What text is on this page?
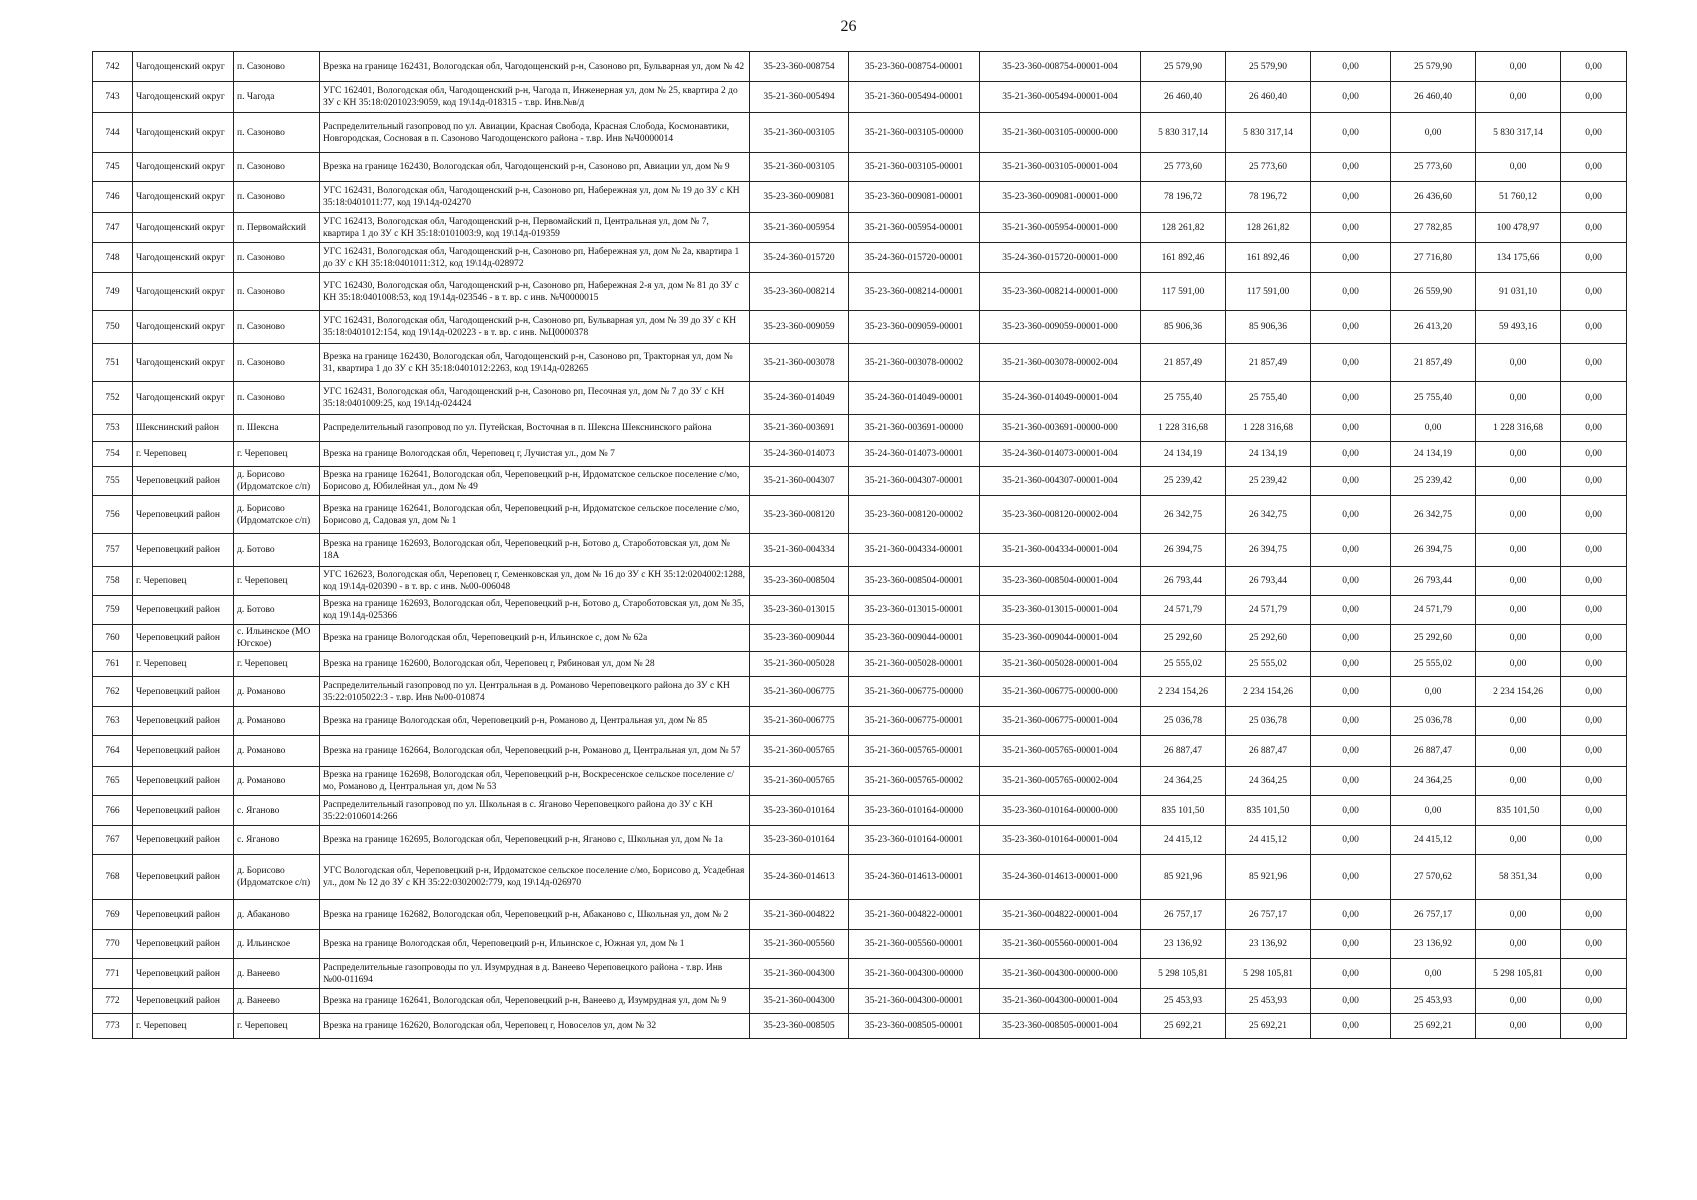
26
742	Чагодощенский округ	п. Сазоново	Врезка на границе 162431, Вологодская обл, Чагодощенский р-н, Сазоново рп, Бульварная ул, дом № 42	35-23-360-008754	35-23-360-008754-00001	35-23-360-008754-00001-004	25 579,90	25 579,90	0,00	25 579,90	0,00	0,00
743	Чагодощенский округ	п. Чагода	УГС 162401, Вологодская обл, Чагодощенский р-н, Чагода п, Инженерная ул, дом № 25, квартира 2 до ЗУ с КН 35:18:0201023:9059, код 19\14д-018315 - т.вр. Инв.№в/д	35-21-360-005494	35-21-360-005494-00001	35-21-360-005494-00001-004	26 460,40	26 460,40	0,00	26 460,40	0,00	0,00
744	Чагодощенский округ	п. Сазоново	Распределительный газопровод по ул. Авиации, Красная Свобода, Красная Слобода, Космонавтики, Новгородская, Сосновая в п. Сазоново Чагодощенского района - т.вр. Инв №Ч0000014	35-21-360-003105	35-21-360-003105-00000	35-21-360-003105-00000-000	5 830 317,14	5 830 317,14	0,00	0,00	5 830 317,14	0,00
745	Чагодощенский округ	п. Сазоново	Врезка на границе 162430, Вологодская обл, Чагодощенский р-н, Сазоново рп, Авиации ул, дом № 9	35-21-360-003105	35-21-360-003105-00001	35-21-360-003105-00001-004	25 773,60	25 773,60	0,00	25 773,60	0,00	0,00
746	Чагодощенский округ	п. Сазоново	УГС 162431, Вологодская обл, Чагодощенский р-н, Сазоново рп, Набережная ул, дом № 19 до ЗУ с КН 35:18:0401011:77, код 19\14д-024270	35-23-360-009081	35-23-360-009081-00001	35-23-360-009081-00001-000	78 196,72	78 196,72	0,00	26 436,60	51 760,12	0,00
747	Чагодощенский округ	п. Первомайский	УГС 162413, Вологодская обл, Чагодощенский р-н, Первомайский п, Центральная ул, дом № 7, квартира 1 до ЗУ с КН 35:18:0101003:9, код 19\14д-019359	35-21-360-005954	35-21-360-005954-00001	35-21-360-005954-00001-000	128 261,82	128 261,82	0,00	27 782,85	100 478,97	0,00
748	Чагодощенский округ	п. Сазоново	УГС 162431, Вологодская обл, Чагодощенский р-н, Сазоново рп, Набережная ул, дом № 2а, квартира 1 до ЗУ с КН 35:18:0401011:312, код 19\14д-028972	35-24-360-015720	35-24-360-015720-00001	35-24-360-015720-00001-000	161 892,46	161 892,46	0,00	27 716,80	134 175,66	0,00
749	Чагодощенский округ	п. Сазоново	УГС 162430, Вологодская обл, Чагодощенский р-н, Сазоново рп, Набережная 2-я ул, дом № 81 до ЗУ с КН 35:18:0401008:53, код 19\14д-023546 - в т. вр. с инв. №Ч0000015	35-23-360-008214	35-23-360-008214-00001	35-23-360-008214-00001-000	117 591,00	117 591,00	0,00	26 559,90	91 031,10	0,00
750	Чагодощенский округ	п. Сазоново	УГС 162431, Вологодская обл, Чагодощенский р-н, Сазоново рп, Бульварная ул, дом № 39 до ЗУ с КН 35:18:0401012:154, код 19\14д-020223 - в т. вр. с инв. №Ц0000378	35-23-360-009059	35-23-360-009059-00001	35-23-360-009059-00001-000	85 906,36	85 906,36	0,00	26 413,20	59 493,16	0,00
751	Чагодощенский округ	п. Сазоново	Врезка на границе 162430, Вологодская обл, Чагодощенский р-н, Сазоново рп, Тракторная ул, дом № 31, квартира 1 до ЗУ с КН 35:18:0401012:2263, код 19\14д-028265	35-21-360-003078	35-21-360-003078-00002	35-21-360-003078-00002-004	21 857,49	21 857,49	0,00	21 857,49	0,00	0,00
752	Чагодощенский округ	п. Сазоново	УГС 162431, Вологодская обл, Чагодощенский р-н, Сазоново рп, Песочная ул, дом № 7 до ЗУ с КН 35:18:0401009:25, код 19\14д-024424	35-24-360-014049	35-24-360-014049-00001	35-24-360-014049-00001-004	25 755,40	25 755,40	0,00	25 755,40	0,00	0,00
753	Шекснинский район	п. Шексна	Распределительный газопровод по ул. Путейская, Восточная в п. Шексна Шекснинского района	35-21-360-003691	35-21-360-003691-00000	35-21-360-003691-00000-000	1 228 316,68	1 228 316,68	0,00	0,00	1 228 316,68	0,00
754	г. Череповец	г. Череповец	Врезка на границе Вологодская обл, Череповец г, Лучистая ул., дом № 7	35-24-360-014073	35-24-360-014073-00001	35-24-360-014073-00001-004	24 134,19	24 134,19	0,00	24 134,19	0,00	0,00
755	Череповецкий район	д. Борисово (Ирдоматское с/п)	Врезка на границе 162641, Вологодская обл, Череповецкий р-н, Ирдоматское сельское поселение с/мо, Борисово д, Юбилейная ул., дом № 49	35-21-360-004307	35-21-360-004307-00001	35-21-360-004307-00001-004	25 239,42	25 239,42	0,00	25 239,42	0,00	0,00
756	Череповецкий район	д. Борисово (Ирдоматское с/п)	Врезка на границе 162641, Вологодская обл, Череповецкий р-н, Ирдоматское сельское поселение с/мо, Борисово д, Садовая ул, дом № 1	35-23-360-008120	35-23-360-008120-00002	35-23-360-008120-00002-004	26 342,75	26 342,75	0,00	26 342,75	0,00	0,00
757	Череповецкий район	д. Ботово	Врезка на границе 162693, Вологодская обл, Череповецкий р-н, Ботово д, Староботовская ул, дом № 18А	35-21-360-004334	35-21-360-004334-00001	35-21-360-004334-00001-004	26 394,75	26 394,75	0,00	26 394,75	0,00	0,00
758	г. Череповец	г. Череповец	УГС 162623, Вологодская обл, Череповец г, Семенковская ул, дом № 16 до ЗУ с КН 35:12:0204002:1288, код 19\14д-020390 - в т. вр. с инв. №00-006048	35-23-360-008504	35-23-360-008504-00001	35-23-360-008504-00001-004	26 793,44	26 793,44	0,00	26 793,44	0,00	0,00
759	Череповецкий район	д. Ботово	Врезка на границе 162693, Вологодская обл, Череповецкий р-н, Ботово д, Староботовская ул, дом № 35, код 19\14д-025366	35-23-360-013015	35-23-360-013015-00001	35-23-360-013015-00001-004	24 571,79	24 571,79	0,00	24 571,79	0,00	0,00
760	Череповецкий район	с. Ильинское (МО Югское)	Врезка на границе Вологодская обл, Череповецкий р-н, Ильинское с, дом № 62а	35-23-360-009044	35-23-360-009044-00001	35-23-360-009044-00001-004	25 292,60	25 292,60	0,00	25 292,60	0,00	0,00
761	г. Череповец	г. Череповец	Врезка на границе 162600, Вологодская обл, Череповец г, Рябиновая ул, дом № 28	35-21-360-005028	35-21-360-005028-00001	35-21-360-005028-00001-004	25 555,02	25 555,02	0,00	25 555,02	0,00	0,00
762	Череповецкий район	д. Романово	Распределительный газопровод по ул. Центральная в д. Романово Череповецкого района до ЗУ с КН 35:22:0105022:3 - т.вр. Инв №00-010874	35-21-360-006775	35-21-360-006775-00000	35-21-360-006775-00000-000	2 234 154,26	2 234 154,26	0,00	0,00	2 234 154,26	0,00
763	Череповецкий район	д. Романово	Врезка на границе Вологодская обл, Череповецкий р-н, Романово д, Центральная ул, дом № 85	35-21-360-006775	35-21-360-006775-00001	35-21-360-006775-00001-004	25 036,78	25 036,78	0,00	25 036,78	0,00	0,00
764	Череповецкий район	д. Романово	Врезка на границе 162664, Вологодская обл, Череповецкий р-н, Романово д, Центральная ул, дом № 57	35-21-360-005765	35-21-360-005765-00001	35-21-360-005765-00001-004	26 887,47	26 887,47	0,00	26 887,47	0,00	0,00
765	Череповецкий район	д. Романово	Врезка на границе 162698, Вологодская обл, Череповецкий р-н, Воскресенское сельское поселение с/мо, Романово д, Центральная ул, дом № 53	35-21-360-005765	35-21-360-005765-00002	35-21-360-005765-00002-004	24 364,25	24 364,25	0,00	24 364,25	0,00	0,00
766	Череповецкий район	с. Яганово	Распределительный газопровод по ул. Школьная в с. Яганово Череповецкого района до ЗУ с КН 35:22:0106014:266	35-23-360-010164	35-23-360-010164-00000	35-23-360-010164-00000-000	835 101,50	835 101,50	0,00	0,00	835 101,50	0,00
767	Череповецкий район	с. Яганово	Врезка на границе 162695, Вологодская обл, Череповецкий р-н, Яганово с, Школьная ул, дом № 1а	35-23-360-010164	35-23-360-010164-00001	35-23-360-010164-00001-004	24 415,12	24 415,12	0,00	24 415,12	0,00	0,00
768	Череповецкий район	д. Борисово (Ирдоматское с/п)	УГС Вологодская обл, Череповецкий р-н, Ирдоматское сельское поселение с/мо, Борисово д, Усадебная ул., дом № 12 до ЗУ с КН 35:22:0302002:779, код 19\14д-026970	35-24-360-014613	35-24-360-014613-00001	35-24-360-014613-00001-000	85 921,96	85 921,96	0,00	27 570,62	58 351,34	0,00
769	Череповецкий район	д. Абаканово	Врезка на границе 162682, Вологодская обл, Череповецкий р-н, Абаканово с, Школьная ул, дом № 2	35-21-360-004822	35-21-360-004822-00001	35-21-360-004822-00001-004	26 757,17	26 757,17	0,00	26 757,17	0,00	0,00
770	Череповецкий район	д. Ильинское	Врезка на границе Вологодская обл, Череповецкий р-н, Ильинское с, Южная ул, дом № 1	35-21-360-005560	35-21-360-005560-00001	35-21-360-005560-00001-004	23 136,92	23 136,92	0,00	23 136,92	0,00	0,00
771	Череповецкий район	д. Ванеево	Распределительные газопроводы по ул. Изумрудная в д. Ванеево Череповецкого района - т.вр. Инв №00-011694	35-21-360-004300	35-21-360-004300-00000	35-21-360-004300-00000-000	5 298 105,81	5 298 105,81	0,00	0,00	5 298 105,81	0,00
772	Череповецкий район	д. Ванеево	Врезка на границе 162641, Вологодская обл, Череповецкий р-н, Ванеево д, Изумрудная ул, дом № 9	35-21-360-004300	35-21-360-004300-00001	35-21-360-004300-00001-004	25 453,93	25 453,93	0,00	25 453,93	0,00	0,00
773	г. Череповец	г. Череповец	Врезка на границе 162620, Вологодская обл, Череповец г, Новоселов ул, дом № 32	35-23-360-008505	35-23-360-008505-00001	35-23-360-008505-00001-004	25 692,21	25 692,21	0,00	25 692,21	0,00	0,00
